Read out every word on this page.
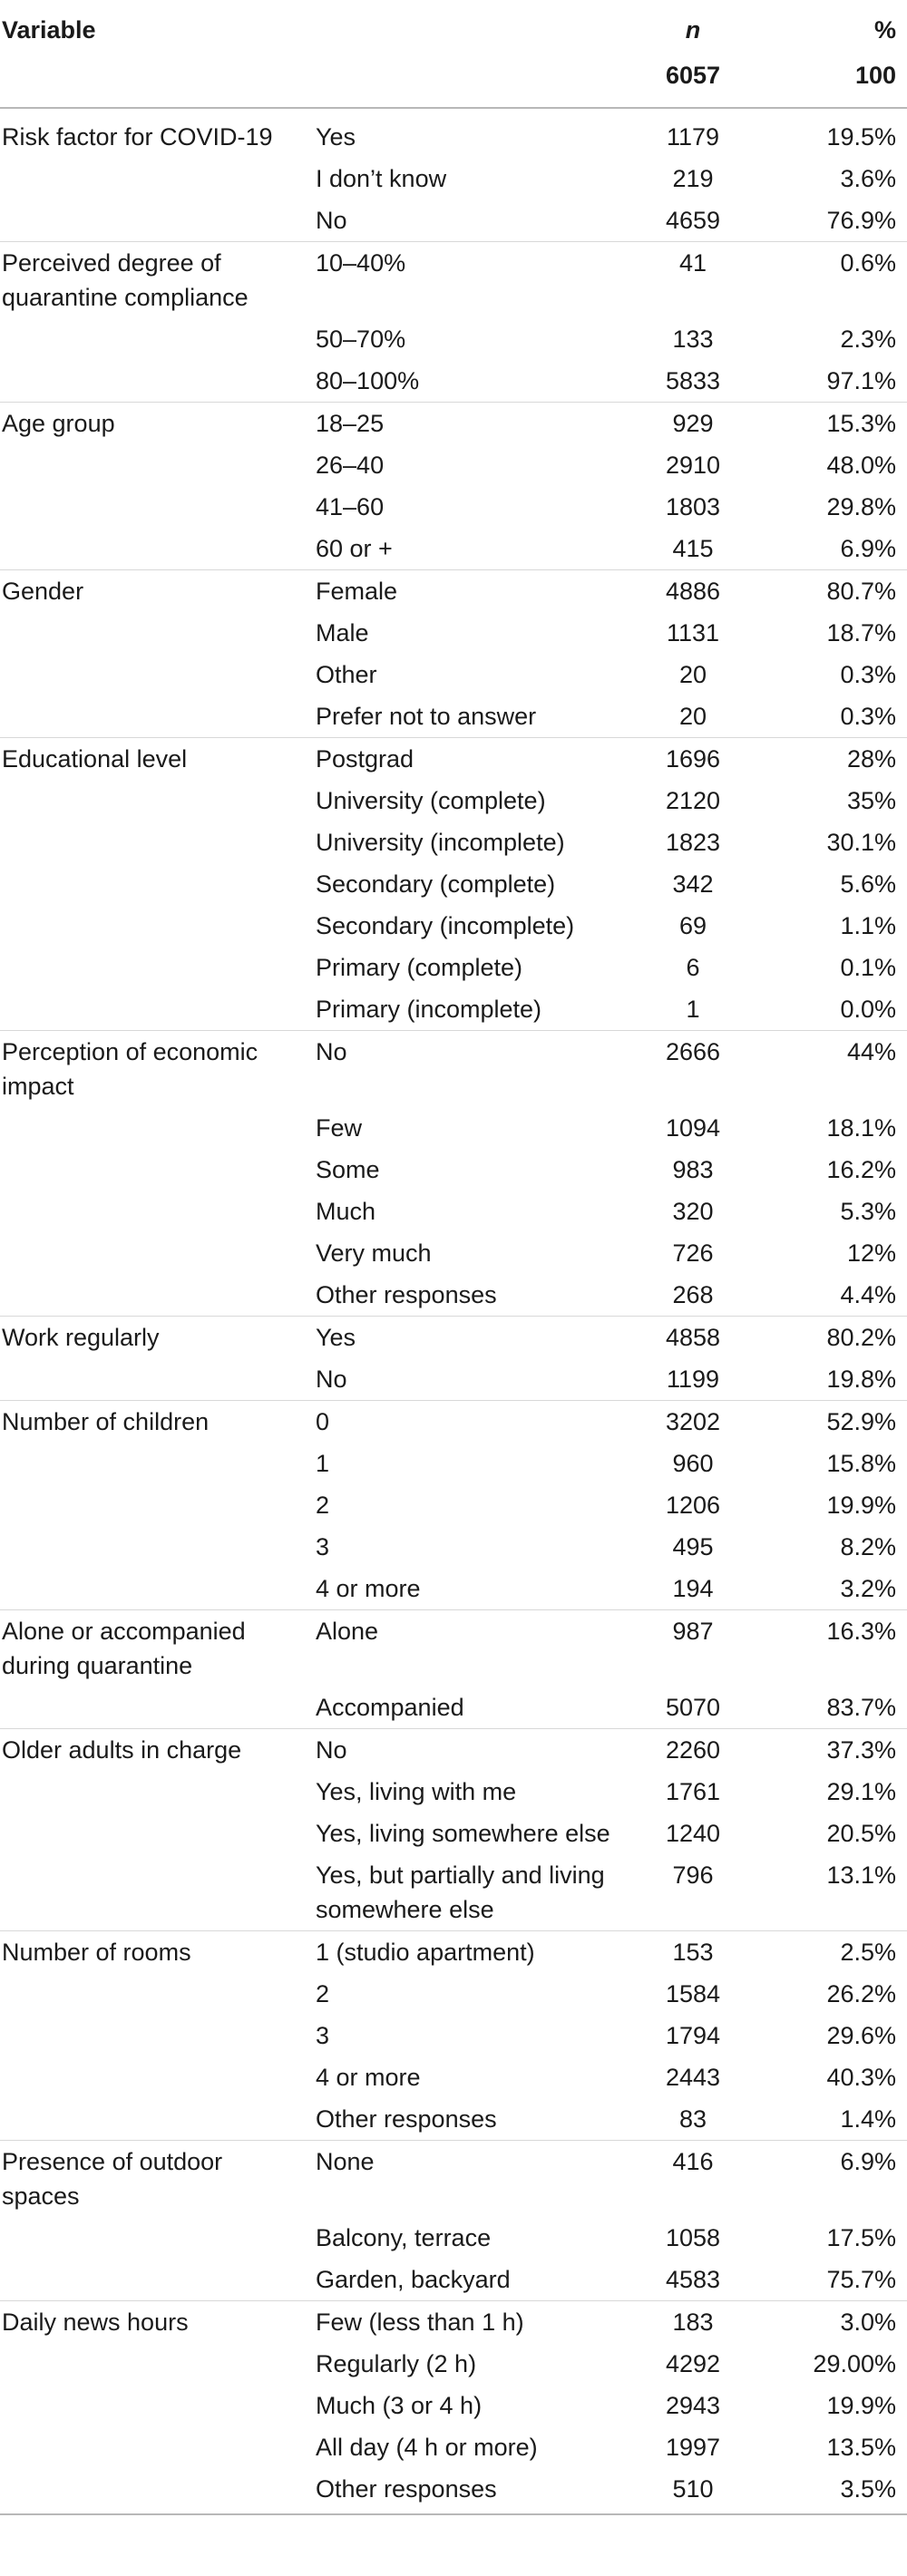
Variable		n	%
		6057	100
Risk factor for COVID-19	Yes	1179	19.5%
	I don’t know	219	3.6%
	No	4659	76.9%
Perceived degree of quarantine compliance	10–40%	41	0.6%
	50–70%	133	2.3%
	80–100%	5833	97.1%
Age group	18–25	929	15.3%
	26–40	2910	48.0%
	41–60	1803	29.8%
	60 or +	415	6.9%
Gender	Female	4886	80.7%
	Male	1131	18.7%
	Other	20	0.3%
	Prefer not to answer	20	0.3%
Educational level	Postgrad	1696	28%
	University (complete)	2120	35%
	University (incomplete)	1823	30.1%
	Secondary (complete)	342	5.6%
	Secondary (incomplete)	69	1.1%
	Primary (complete)	6	0.1%
	Primary (incomplete)	1	0.0%
Perception of economic impact	No	2666	44%
	Few	1094	18.1%
	Some	983	16.2%
	Much	320	5.3%
	Very much	726	12%
	Other responses	268	4.4%
Work regularly	Yes	4858	80.2%
	No	1199	19.8%
Number of children	0	3202	52.9%
	1	960	15.8%
	2	1206	19.9%
	3	495	8.2%
	4 or more	194	3.2%
Alone or accompanied during quarantine	Alone	987	16.3%
	Accompanied	5070	83.7%
Older adults in charge	No	2260	37.3%
	Yes, living with me	1761	29.1%
	Yes, living somewhere else	1240	20.5%
	Yes, but partially and living somewhere else	796	13.1%
Number of rooms	1 (studio apartment)	153	2.5%
	2	1584	26.2%
	3	1794	29.6%
	4 or more	2443	40.3%
	Other responses	83	1.4%
Presence of outdoor spaces	None	416	6.9%
	Balcony, terrace	1058	17.5%
	Garden, backyard	4583	75.7%
Daily news hours	Few (less than 1 h)	183	3.0%
	Regularly (2 h)	4292	29.00%
	Much (3 or 4 h)	2943	19.9%
	All day (4 h or more)	1997	13.5%
	Other responses	510	3.5%
